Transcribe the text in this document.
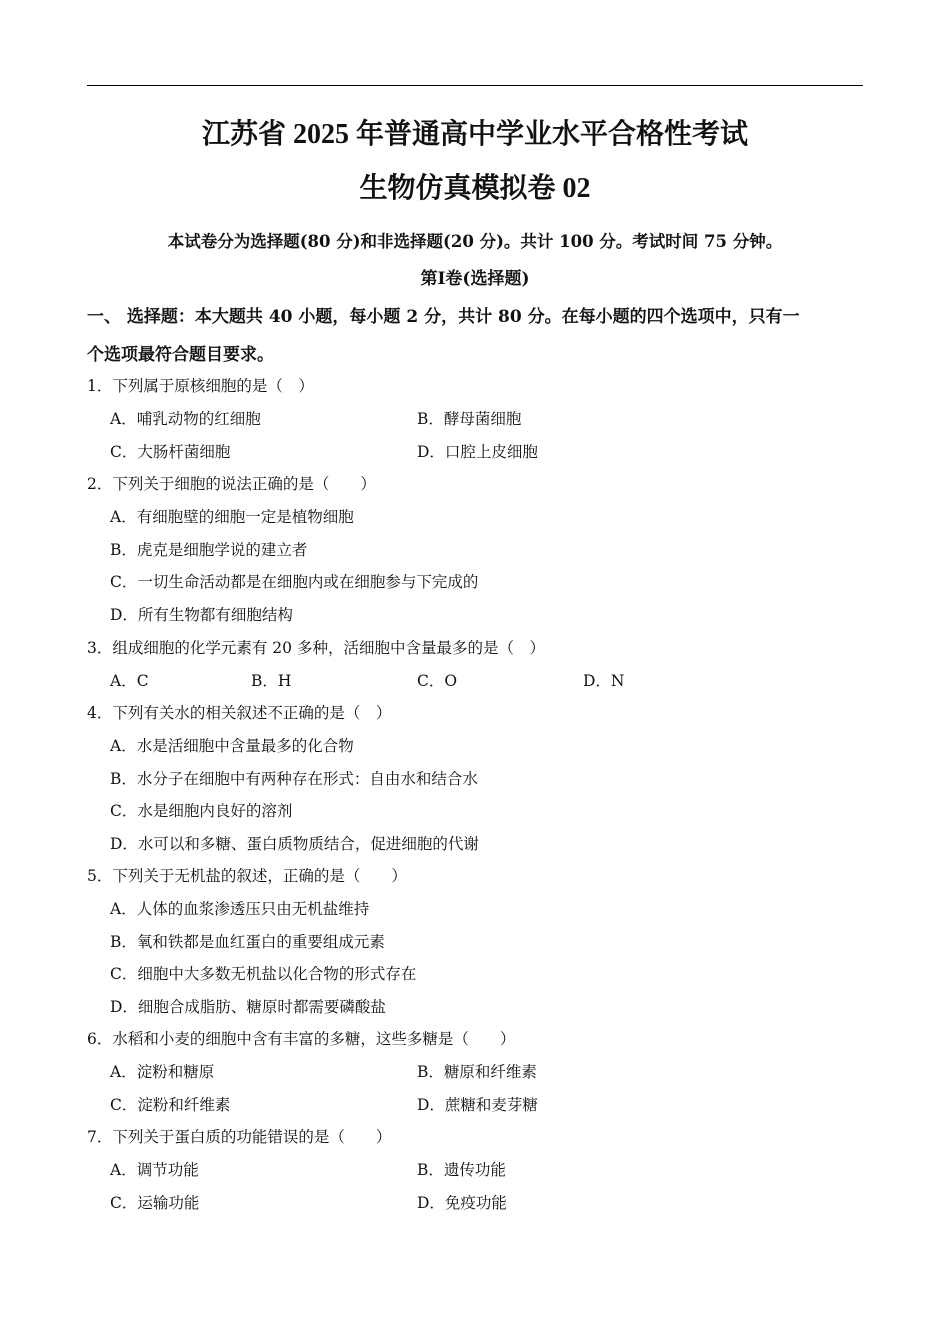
江苏省 2025 年普通高中学业水平合格性考试
生物仿真模拟卷 02
本试卷分为选择题(80 分)和非选择题(20 分)。共计 100 分。考试时间 75 分钟。
第Ⅰ卷(选择题)
一、 选择题：本大题共 40 小题，每小题 2 分，共计 80 分。在每小题的四个选项中，只有一
个选项最符合题目要求。
1．下列属于原核细胞的是（　）
A．哺乳动物的红细胞	B．酵母菌细胞
C．大肠杆菌细胞	D．口腔上皮细胞
2．下列关于细胞的说法正确的是（　　）
A．有细胞壁的细胞一定是植物细胞
B．虎克是细胞学说的建立者
C．一切生命活动都是在细胞内或在细胞参与下完成的
D．所有生物都有细胞结构
3．组成细胞的化学元素有 20 多种，活细胞中含量最多的是（　）
A．C	B．H	C．O	D．N
4．下列有关水的相关叙述不正确的是（　）
A．水是活细胞中含量最多的化合物
B．水分子在细胞中有两种存在形式：自由水和结合水
C．水是细胞内良好的溶剂
D．水可以和多糖、蛋白质物质结合，促进细胞的代谢
5．下列关于无机盐的叙述，正确的是（　　）
A．人体的血浆渗透压只由无机盐维持
B．氧和铁都是血红蛋白的重要组成元素
C．细胞中大多数无机盐以化合物的形式存在
D．细胞合成脂肪、糖原时都需要磷酸盐
6．水稻和小麦的细胞中含有丰富的多糖，这些多糖是（　　）
A．淀粉和糖原	B．糖原和纤维素
C．淀粉和纤维素	D．蔗糖和麦芽糖
7．下列关于蛋白质的功能错误的是（　　）
A．调节功能	B．遗传功能
C．运输功能	D．免疫功能
